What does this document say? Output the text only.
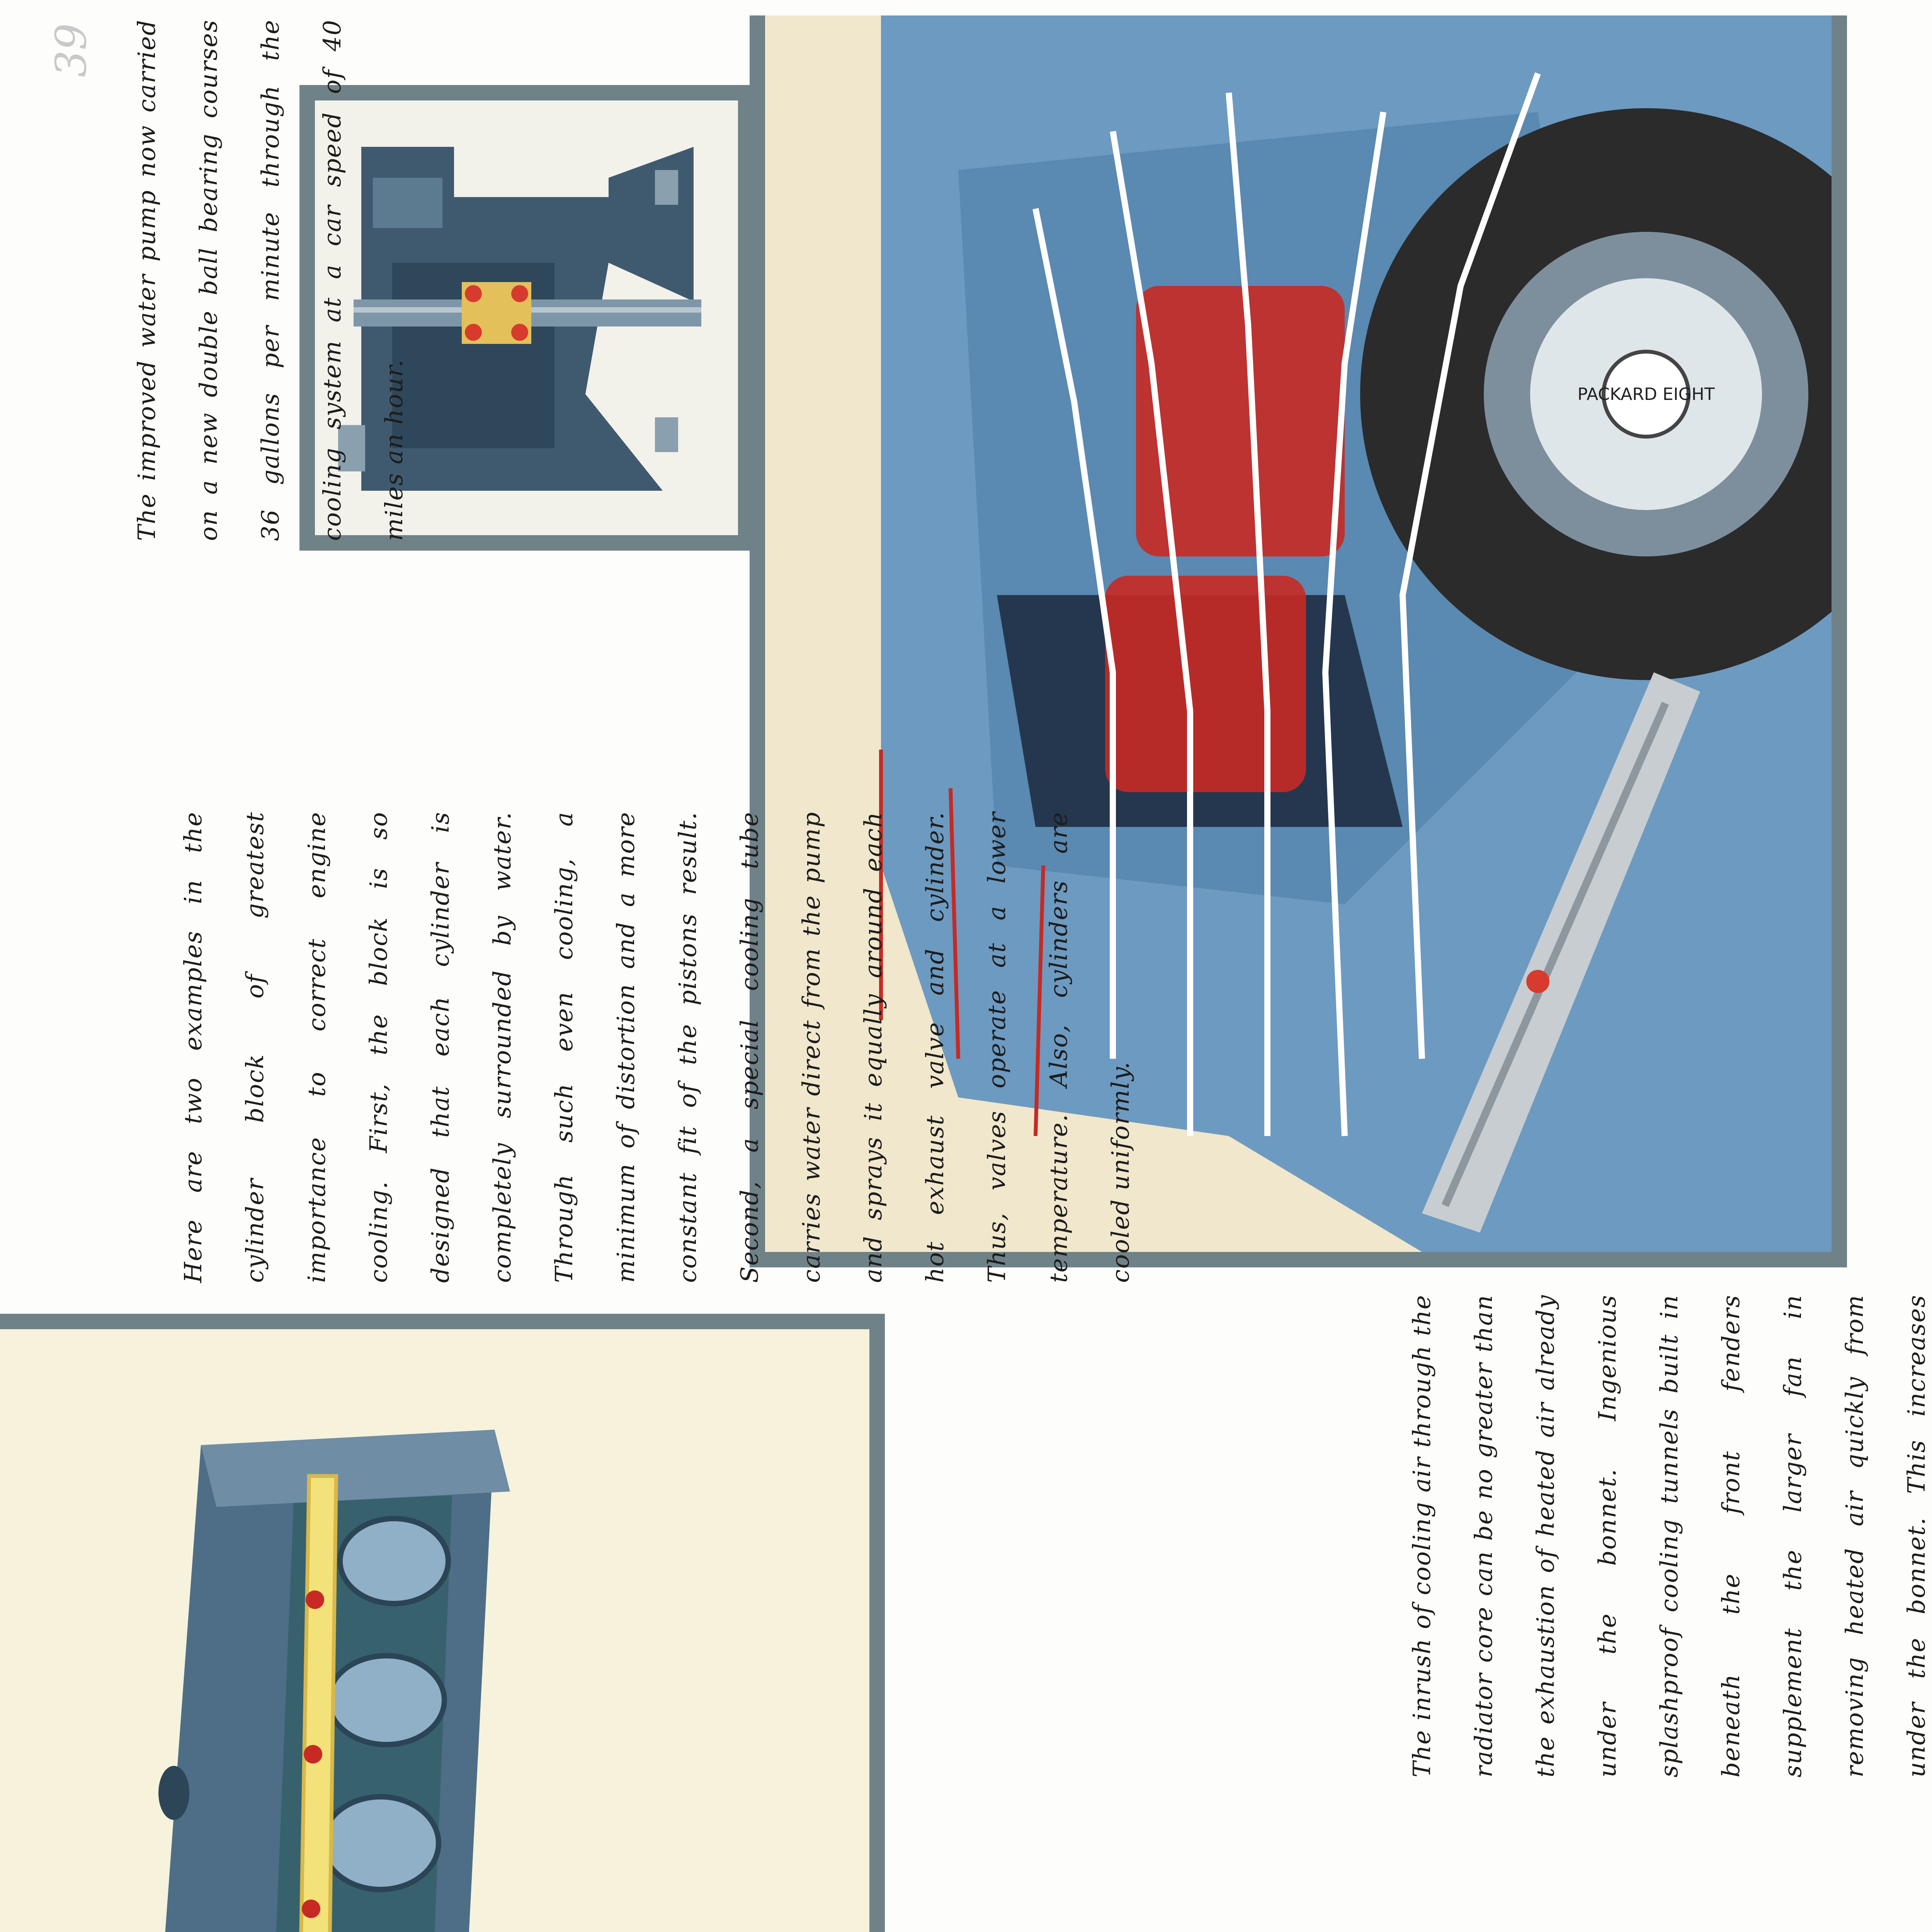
39
PACKARD EIGHT

The improved water pump now carried on a new double ball bearing courses 36 gallons per minute through the cooling system at a car speed of 40 miles an hour.

Here are two examples in the cylinder block of greatest importance to correct engine cooling. First, the block is so designed that each cylinder is completely surrounded by water. Through such even cooling, a minimum of distortion and a more constant fit of the pistons result. Second, a special cooling tube carries water direct from the pump and sprays it equally around each hot exhaust valve and cylinder. Thus, valves operate at a lower temperature. Also, cylinders are cooled uniformly.

The inrush of cooling air through the radiator core can be no greater than the exhaustion of heated air already under the bonnet. Ingenious splashproof cooling tunnels built in beneath the front fenders supplement the larger fan in removing heated air quickly from under the bonnet. This increases
